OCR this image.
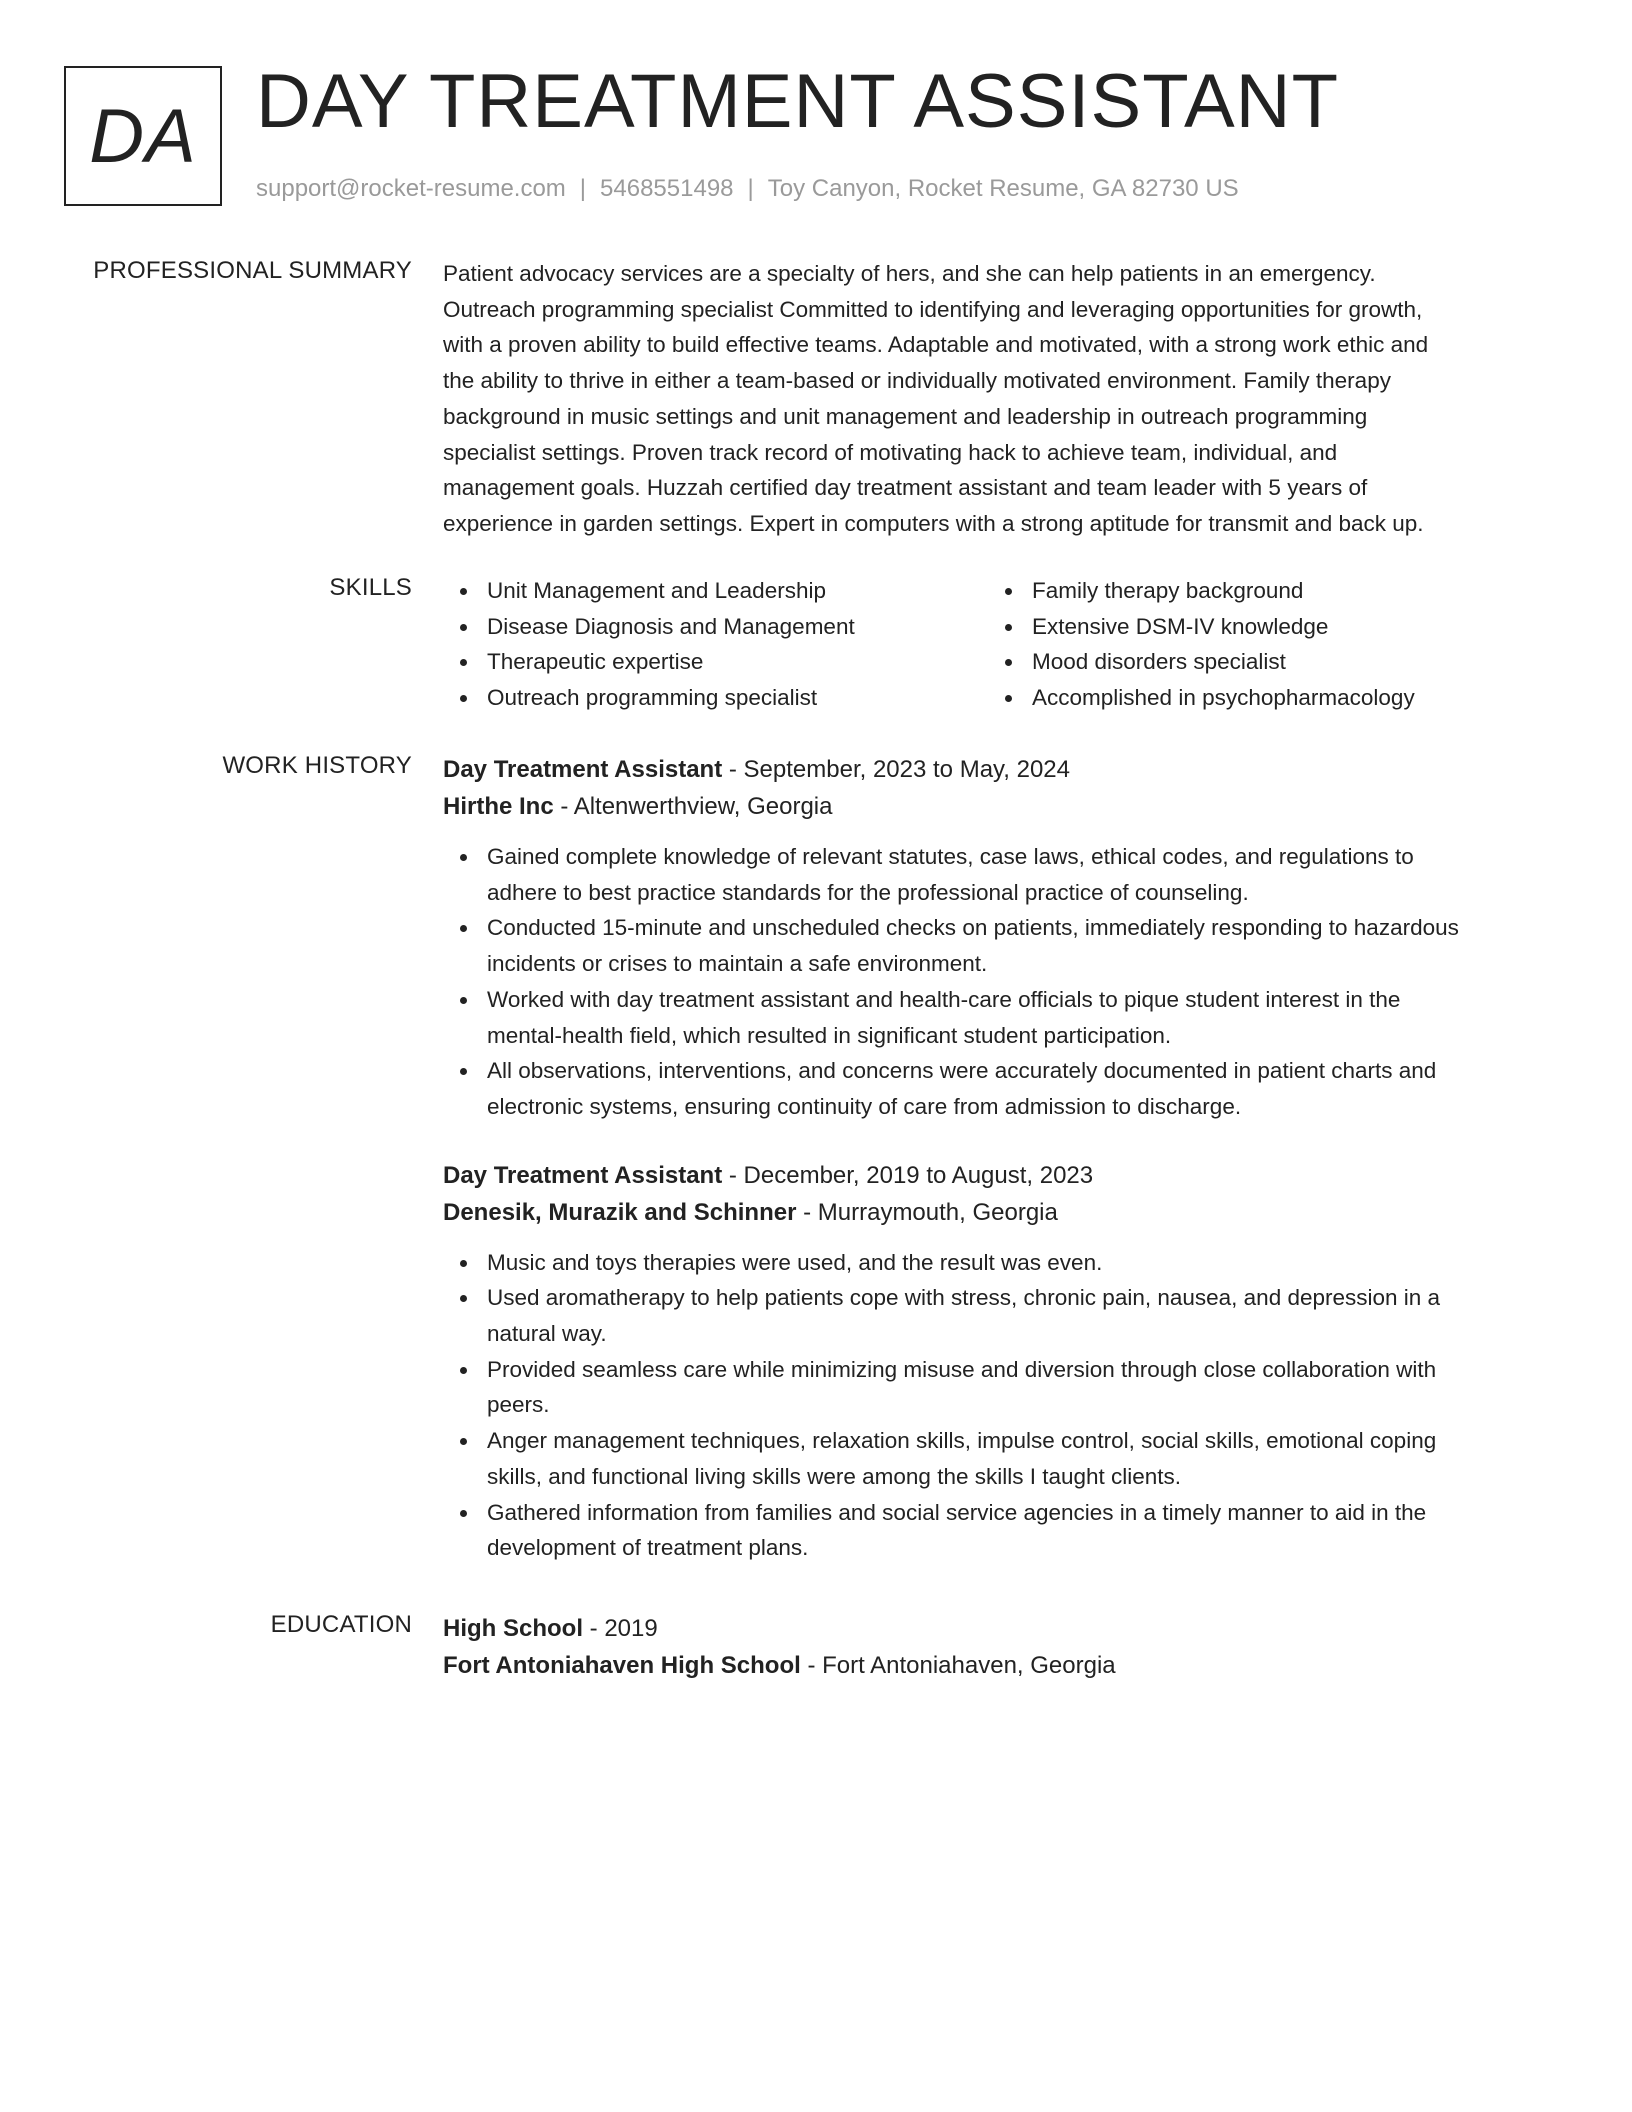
DA DAY TREATMENT ASSISTANT
support@rocket-resume.com | 5468551498 | Toy Canyon, Rocket Resume, GA 82730 US
PROFESSIONAL SUMMARY Patient advocacy services are a specialty of hers, and she can help patients in an emergency.
Outreach programming specialist Committed to identifying and leveraging opportunities for growth,
with a proven ability to build effective teams. Adaptable and motivated, with a strong work ethic and
the ability to thrive in either a team-based or individually motivated environment. Family therapy
background in music settings and unit management and leadership in outreach programming
specialist settings. Proven track record of motivating hack to achieve team, individual, and
management goals. Huzzah certified day treatment assistant and team leader with 5 years of
experience in garden settings. Expert in computers with a strong aptitude for transmit and back up.

SKILLS	Unit Management and Leadership
Disease Diagnosis and Management
Therapeutic expertise
Outreach programming specialist
Family therapy background
Extensive DSM-IV knowledge
Mood disorders specialist
Accomplished in psychopharmacology
WORK HISTORY Day Treatment Assistant - September, 2023 to May, 2024
Hirthe Inc - Altenwerthview, Georgia
Gained complete knowledge of relevant statutes, case laws, ethical codes, and regulations to
adhere to best practice standards for the professional practice of counseling.
Conducted 15-minute and unscheduled checks on patients, immediately responding to hazardous
incidents or crises to maintain a safe environment.
Worked with day treatment assistant and health-care officials to pique student interest in the
mental-health field, which resulted in significant student participation.
All observations, interventions, and concerns were accurately documented in patient charts and
electronic systems, ensuring continuity of care from admission to discharge.
Day Treatment Assistant - December, 2019 to August, 2023
Denesik, Murazik and Schinner - Murraymouth, Georgia
Music and toys therapies were used, and the result was even.
Used aromatherapy to help patients cope with stress, chronic pain, nausea, and depression in a
natural way.
Provided seamless care while minimizing misuse and diversion through close collaboration with
peers.
Anger management techniques, relaxation skills, impulse control, social skills, emotional coping
skills, and functional living skills were among the skills I taught clients.
Gathered information from families and social service agencies in a timely manner to aid in the
development of treatment plans.
EDUCATION High School - 2019
Fort Antoniahaven High School - Fort Antoniahaven, Georgia
